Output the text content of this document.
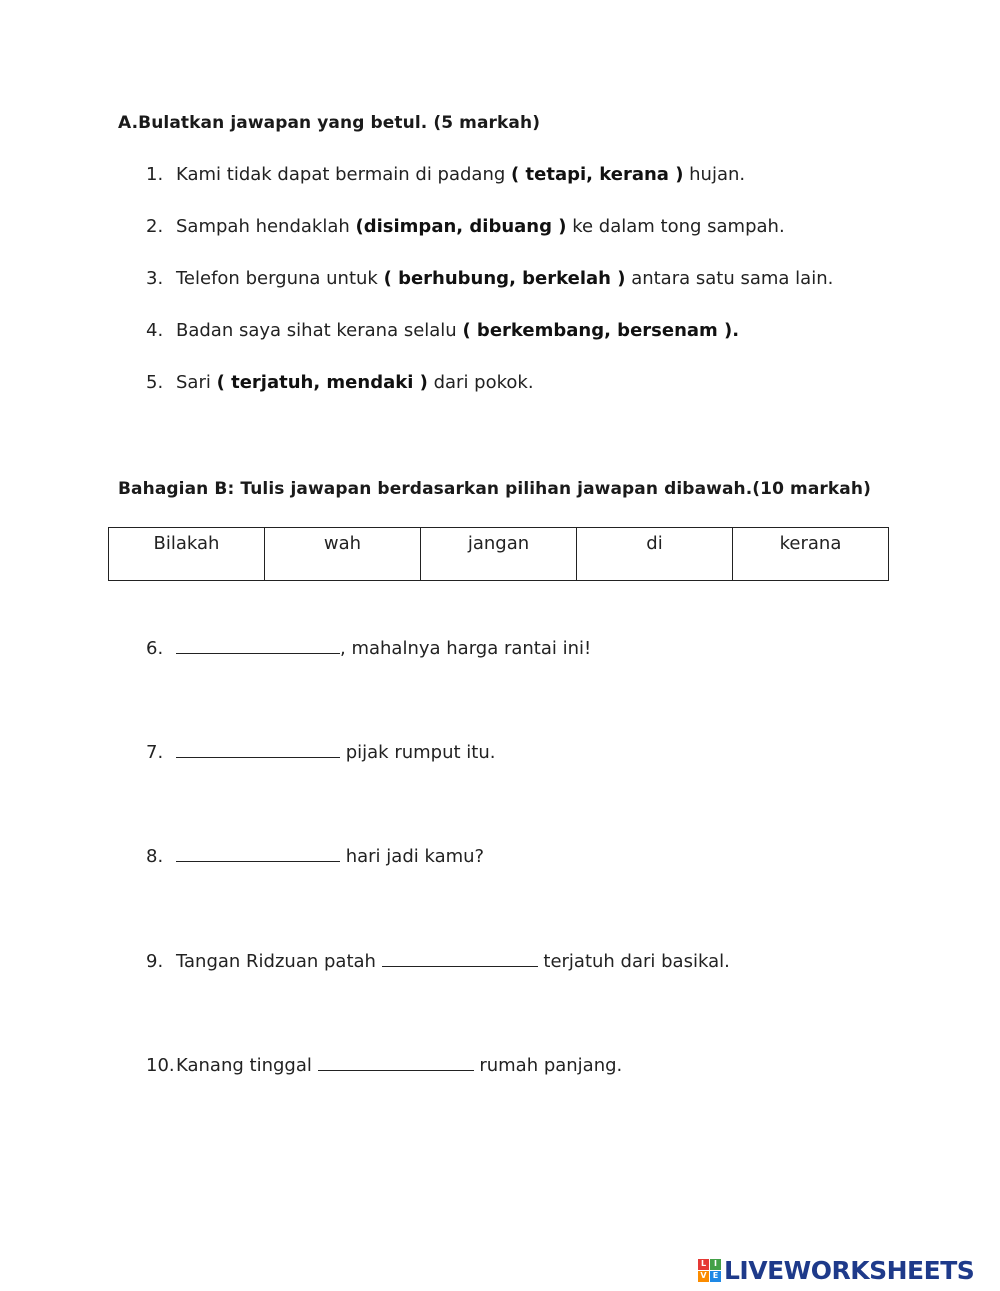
A.Bulatkan jawapan yang betul. (5 markah)
1. Kami tidak dapat bermain di padang ( tetapi, kerana ) hujan.
2. Sampah hendaklah (disimpan, dibuang ) ke dalam tong sampah.
3. Telefon berguna untuk ( berhubung, berkelah ) antara satu sama lain.
4. Badan saya sihat kerana selalu ( berkembang, bersenam ).
5. Sari ( terjatuh, mendaki ) dari pokok.
Bahagian B: Tulis jawapan berdasarkan pilihan jawapan dibawah.(10 markah)
Bilakah	wah	jangan	di	kerana
6.	, mahalnya harga rantai ini!
7.	pijak rumput itu.
8.	hari jadi kamu?
9. Tangan Ridzuan patah	terjatuh dari basikal.
10.Kanang tinggal	rumah panjang.
L I
V E LIVEWORKSHEETS
